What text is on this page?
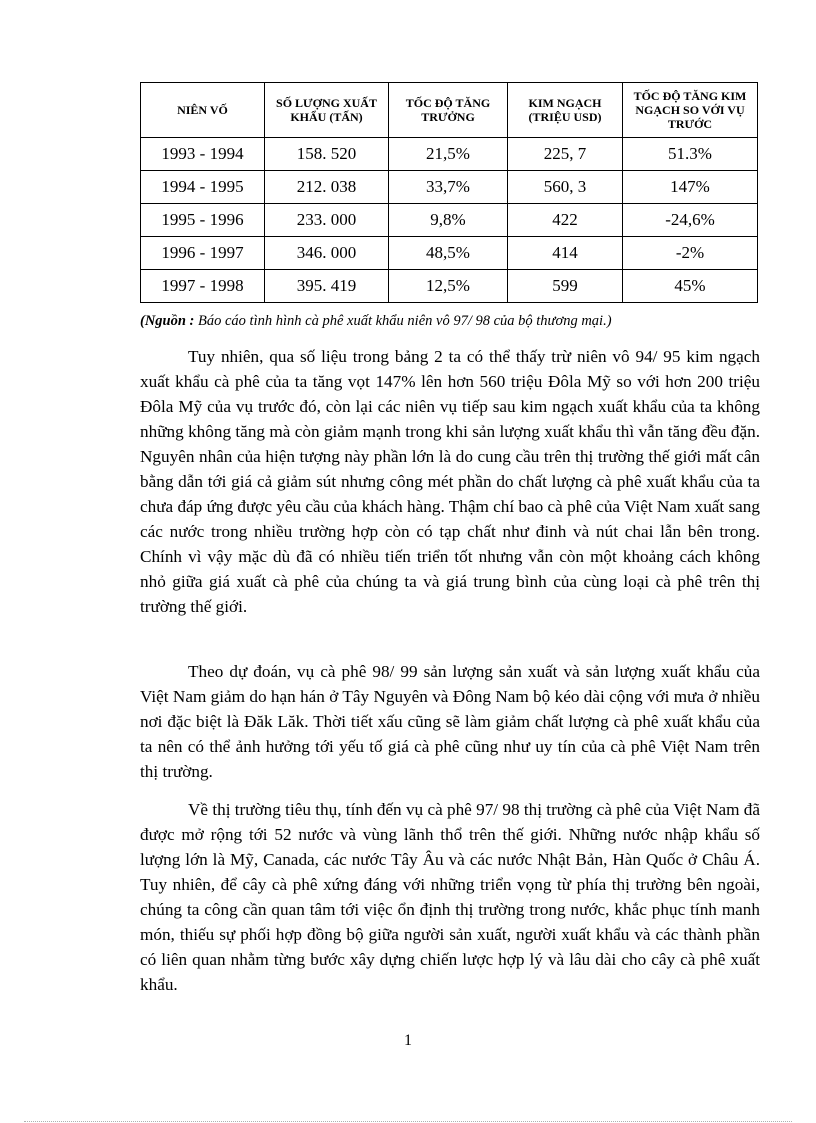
NIÊN VỐ	SỐ LƯỢNG XUẤT KHẨU (TẤN)	TỐC ĐỘ TĂNG TRƯỞNG	KIM NGẠCH (TRIỆU USD)	TỐC ĐỘ TĂNG KIM NGẠCH SO VỚI VỤ TRƯỚC
1993 - 1994	158. 520	21,5%	225, 7	51.3%
1994 - 1995	212. 038	33,7%	560, 3	147%
1995 - 1996	233. 000	9,8%	422	-24,6%
1996 - 1997	346. 000	48,5%	414	-2%
1997 - 1998	395. 419	12,5%	599	45%
(Nguồn : Báo cáo tình hình cà phê xuất khẩu niên vô 97/ 98 của bộ thương mại.)

Tuy nhiên, qua số liệu trong bảng 2 ta có thể thấy trừ niên vô 94/ 95 kim ngạch xuất khẩu cà phê của ta tăng vọt 147% lên hơn 560 triệu Đôla Mỹ so với hơn 200 triệu Đôla Mỹ của vụ trước đó, còn lại các niên vụ tiếp sau kim ngạch xuất khẩu của ta không những không tăng mà còn giảm mạnh trong khi sản lượng xuất khẩu thì vẫn tăng đều đặn. Nguyên nhân của hiện tượng này phần lớn là do cung cầu trên thị trường thế giới mất cân bằng dẫn tới giá cả giảm sút nhưng công mét phần do chất lượng cà phê xuất khẩu của ta chưa đáp ứng được yêu cầu của khách hàng. Thậm chí bao cà phê của Việt Nam xuất sang các nước trong nhiều trường hợp còn có tạp chất như đinh và nút chai lẫn bên trong. Chính vì vậy mặc dù đã có nhiều tiến triển tốt nhưng vẫn còn một khoảng cách không nhỏ giữa giá xuất cà phê của chúng ta và giá trung bình của cùng loại cà phê trên thị trường thế giới.

Theo dự đoán, vụ cà phê 98/ 99 sản lượng sản xuất và sản lượng xuất khẩu của Việt Nam giảm do hạn hán ở Tây Nguyên và Đông Nam bộ kéo dài cộng với mưa ở nhiều nơi đặc biệt là Đăk Lăk. Thời tiết xấu cũng sẽ làm giảm chất lượng cà phê xuất khẩu của ta nên có thể ảnh hưởng tới yếu tố giá cà phê cũng như uy tín của cà phê Việt Nam trên thị trường.

Về thị trường tiêu thụ, tính đến vụ cà phê 97/ 98 thị trường cà phê của Việt Nam đã được mở rộng tới 52 nước và vùng lãnh thổ trên thế giới. Những nước nhập khẩu số lượng lớn là Mỹ, Canada, các nước Tây Âu và các nước Nhật Bản, Hàn Quốc ở Châu Á. Tuy nhiên, để cây cà phê xứng đáng với những triển vọng từ phía thị trường bên ngoài, chúng ta công cần quan tâm tới việc ổn định thị trường trong nước, khắc phục tính manh món, thiếu sự phối hợp đồng bộ giữa người sản xuất, người xuất khẩu và các thành phần có liên quan nhằm từng bước xây dựng chiến lược hợp lý và lâu dài cho cây cà phê xuất khẩu.

1
